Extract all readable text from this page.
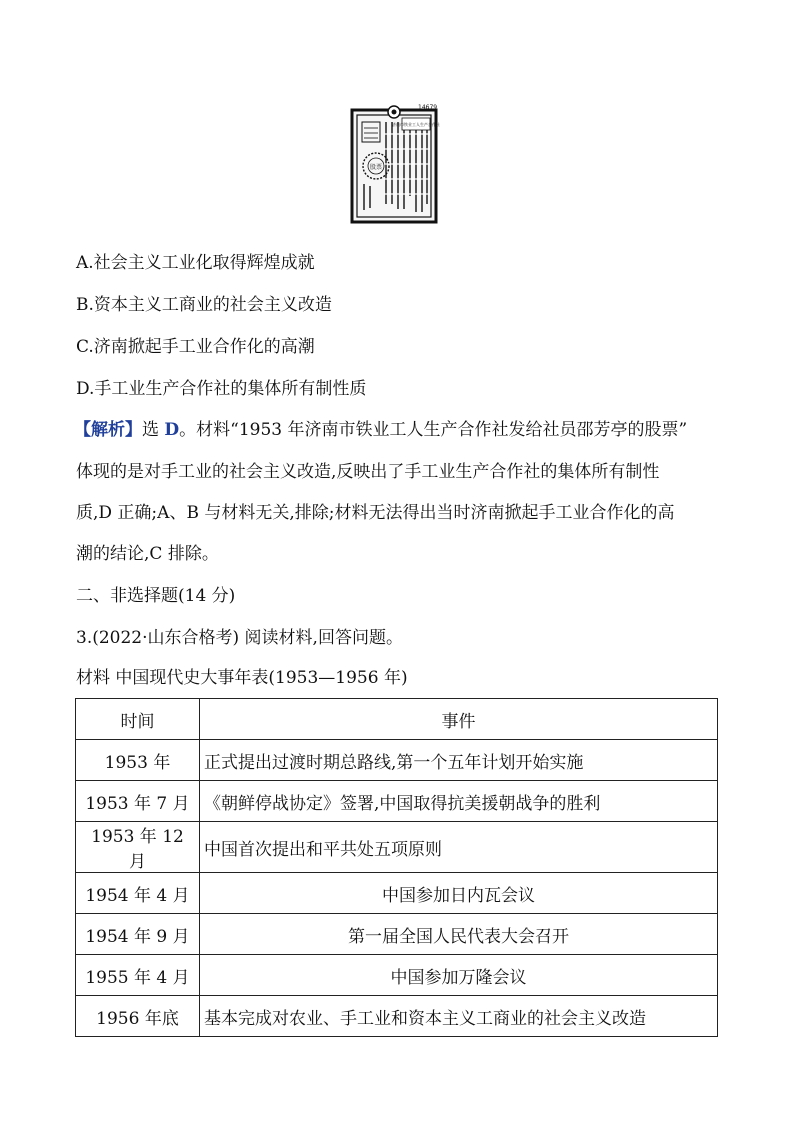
14679
股票
济南市铁业工人生产合作社
A.社会主义工业化取得辉煌成就
B.资本主义工商业的社会主义改造
C.济南掀起手工业合作化的高潮
D.手工业生产合作社的集体所有制性质
【解析】选 D。材料“1953 年济南市铁业工人生产合作社发给社员邵芳亭的股票”
体现的是对手工业的社会主义改造,反映出了手工业生产合作社的集体所有制性
质,D 正确;A、B 与材料无关,排除;材料无法得出当时济南掀起手工业合作化的高
潮的结论,C 排除。
二、非选择题(14 分)
3.(2022·山东合格考) 阅读材料,回答问题。
材料 中国现代史大事年表(1953—1956 年)
时间	事件
1953 年	正式提出过渡时期总路线,第一个五年计划开始实施
1953 年 7 月	《朝鲜停战协定》签署,中国取得抗美援朝战争的胜利
1953 年 12 月	中国首次提出和平共处五项原则
1954 年 4 月	中国参加日内瓦会议
1954 年 9 月	第一届全国人民代表大会召开
1955 年 4 月	中国参加万隆会议
1956 年底	基本完成对农业、手工业和资本主义工商业的社会主义改造
